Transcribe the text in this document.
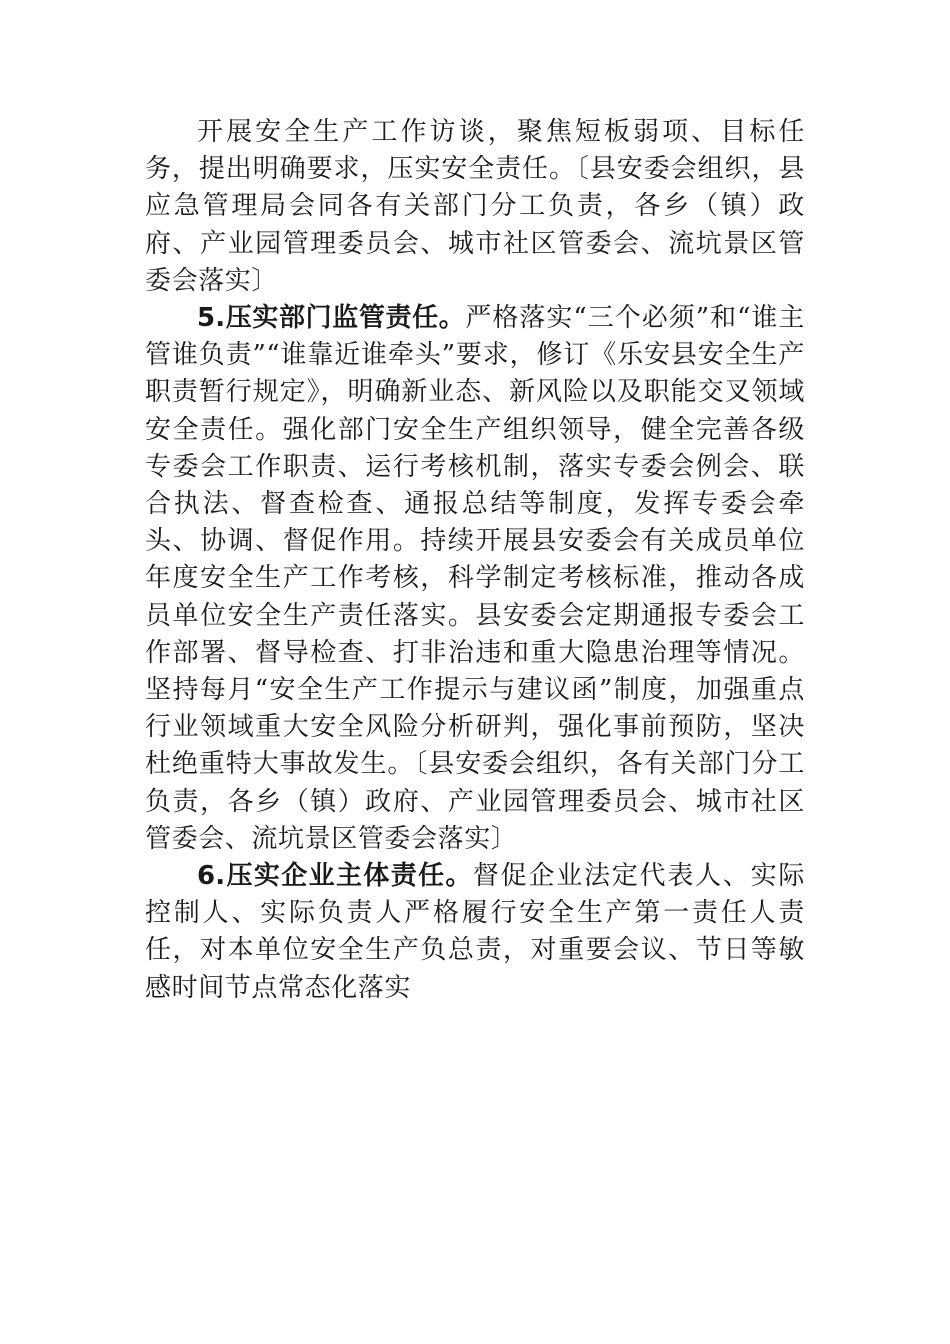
开展安全生产工作访谈，聚焦短板弱项、目标任务，提出明确要求，压实安全责任。〔县安委会组织，县应急管理局会同各有关部门分工负责，各乡（镇）政府、产业园管理委员会、城市社区管委会、流坑景区管委会落实〕

5.压实部门监管责任。严格落实“三个必须”和“谁主管谁负责”“谁靠近谁牵头”要求，修订《乐安县安全生产职责暂行规定》，明确新业态、新风险以及职能交叉领域安全责任。强化部门安全生产组织领导，健全完善各级专委会工作职责、运行考核机制，落实专委会例会、联合执法、督查检查、通报总结等制度，发挥专委会牵头、协调、督促作用。持续开展县安委会有关成员单位年度安全生产工作考核，科学制定考核标准，推动各成员单位安全生产责任落实。县安委会定期通报专委会工作部署、督导检查、打非治违和重大隐患治理等情况。坚持每月“安全生产工作提示与建议函”制度，加强重点行业领域重大安全风险分析研判，强化事前预防，坚决杜绝重特大事故发生。〔县安委会组织，各有关部门分工负责，各乡（镇）政府、产业园管理委员会、城市社区管委会、流坑景区管委会落实〕

6.压实企业主体责任。督促企业法定代表人、实际控制人、实际负责人严格履行安全生产第一责任人责任，对本单位安全生产负总责，对重要会议、节日等敏感时间节点常态化落实
